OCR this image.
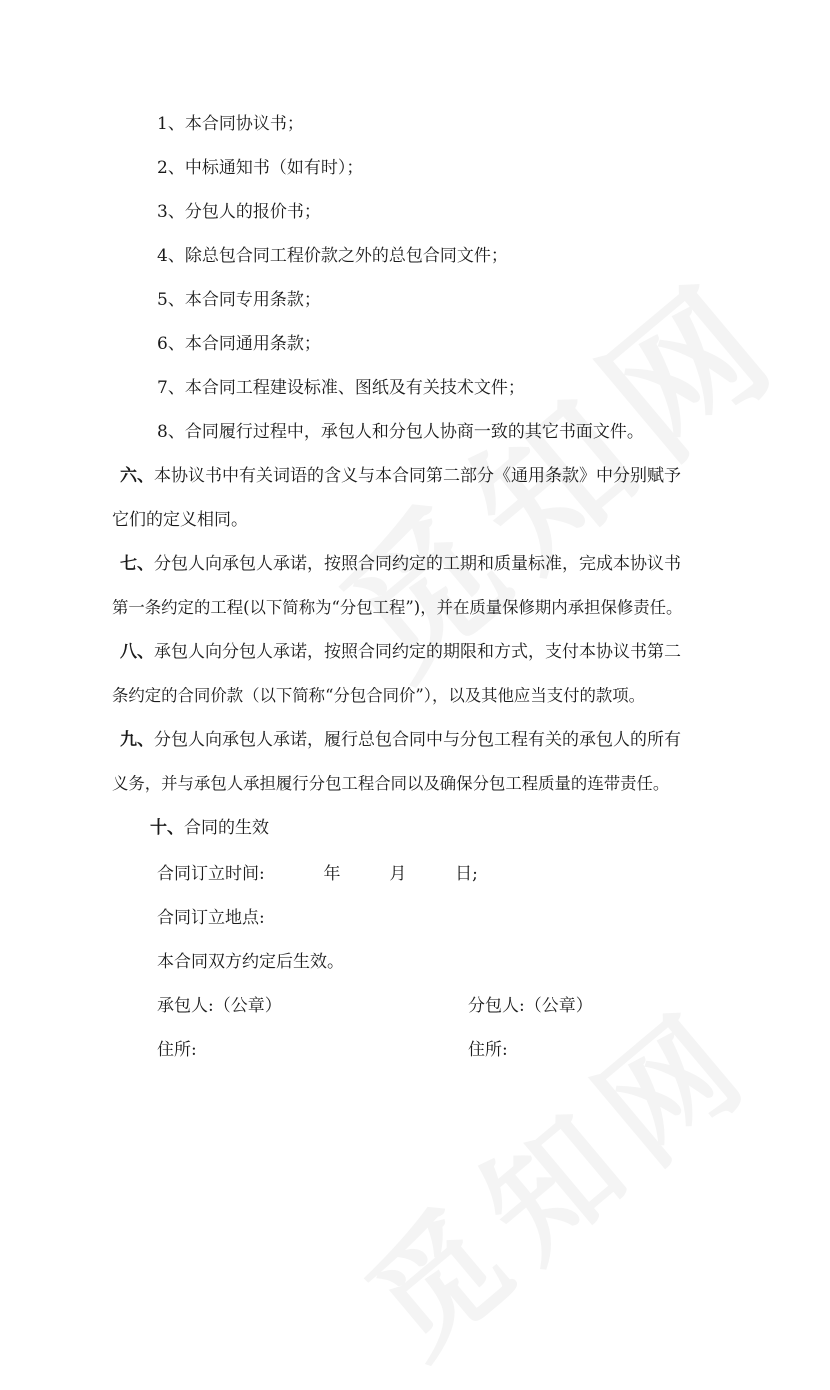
1、本合同协议书；
2、中标通知书（如有时）；
3、分包人的报价书；
4、除总包合同工程价款之外的总包合同文件；
5、本合同专用条款；
6、本合同通用条款；
7、本合同工程建设标准、图纸及有关技术文件；
8、合同履行过程中，承包人和分包人协商一致的其它书面文件。
六、本协议书中有关词语的含义与本合同第二部分《通用条款》中分别赋予
它们的定义相同。
七、分包人向承包人承诺，按照合同约定的工期和质量标准，完成本协议书
第一条约定的工程(以下简称为“分包工程”)，并在质量保修期内承担保修责任。
八、承包人向分包人承诺，按照合同约定的期限和方式，支付本协议书第二
条约定的合同价款（以下简称“分包合同价”），以及其他应当支付的款项。
九、分包人向承包人承诺，履行总包合同中与分包工程有关的承包人的所有
义务，并与承包人承担履行分包工程合同以及确保分包工程质量的连带责任。
十、合同的生效
合同订立时间:	年	月	日;
合同订立地点:
本合同双方约定后生效。
承包人:（公章）	分包人:（公章）
住所:	住所:
